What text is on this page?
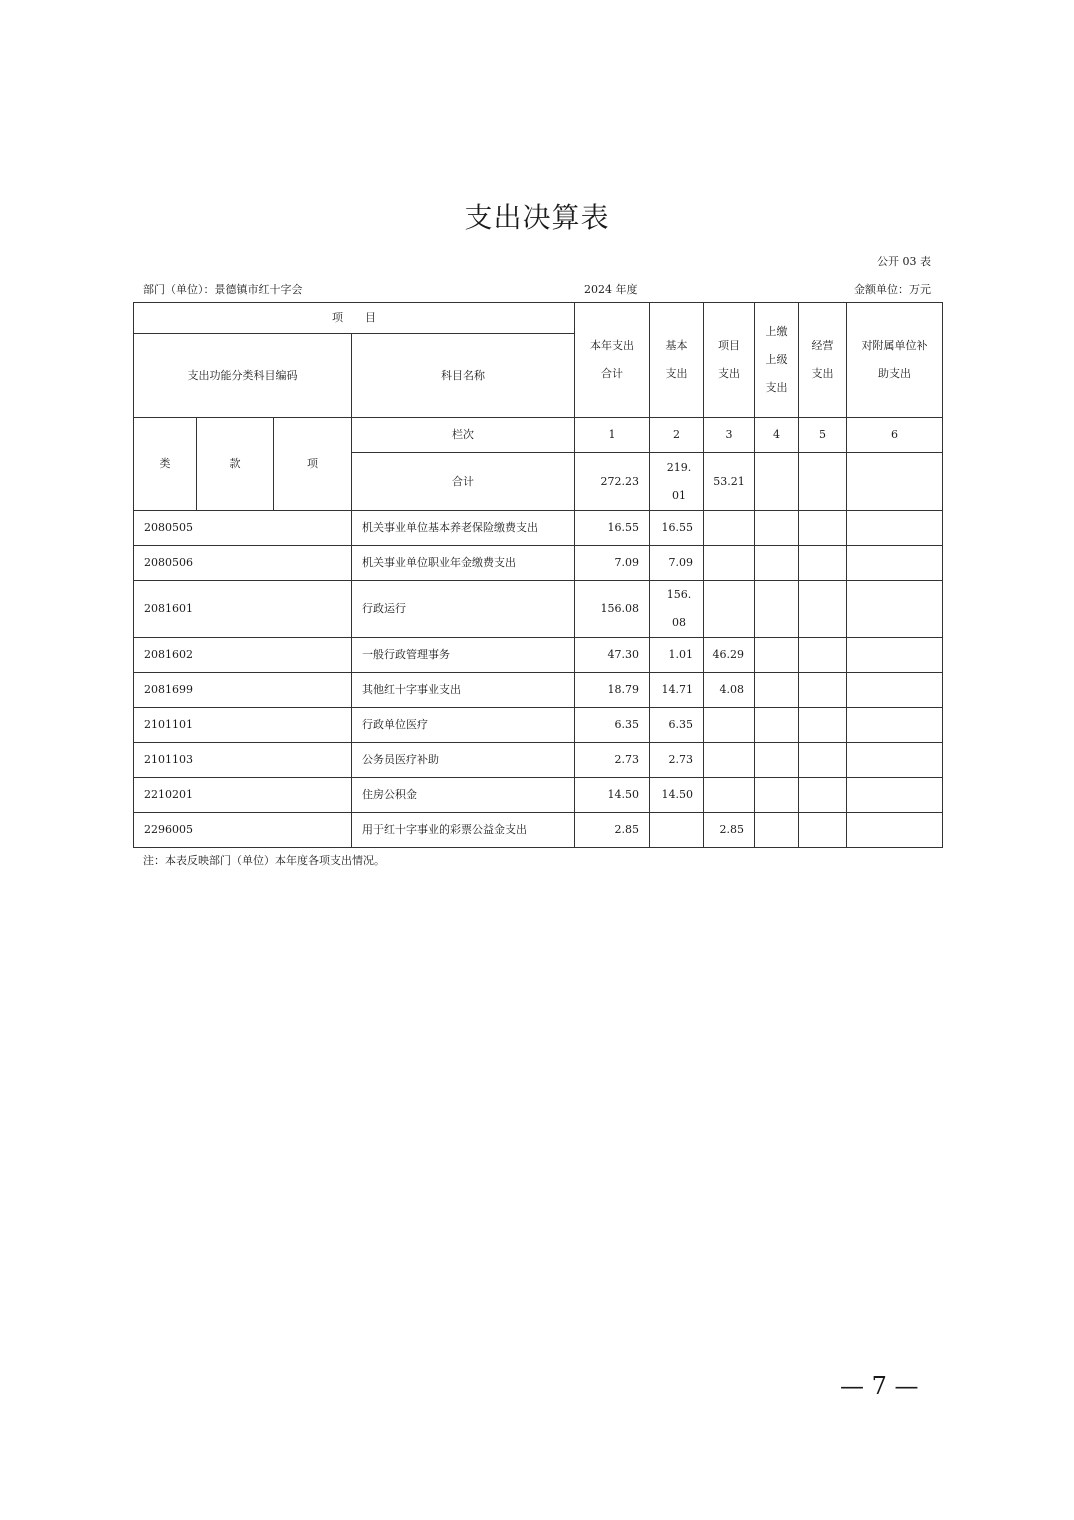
支出决算表
公开 03 表
部门（单位）：景德镇市红十字会	2024 年度	金额单位：万元
项　　目				本年支出合计	基本支出	项目支出	上缴上级支出	经营支出	对附属单位补助支出
支出功能分类科目编码			科目名称						
类	款	项	栏次	1	2	3	4	5	6
			合计	272.23	219.01	53.21			
2080505			机关事业单位基本养老保险缴费支出	16.55	16.55				
2080506			机关事业单位职业年金缴费支出	7.09	7.09				
2081601			行政运行	156.08	156.08				
2081602			一般行政管理事务	47.30	1.01	46.29			
2081699			其他红十字事业支出	18.79	14.71	4.08			
2101101			行政单位医疗	6.35	6.35				
2101103			公务员医疗补助	2.73	2.73				
2210201			住房公积金	14.50	14.50				
2296005			用于红十字事业的彩票公益金支出	2.85		2.85			
注：本表反映部门（单位）本年度各项支出情况。
— 7 —
